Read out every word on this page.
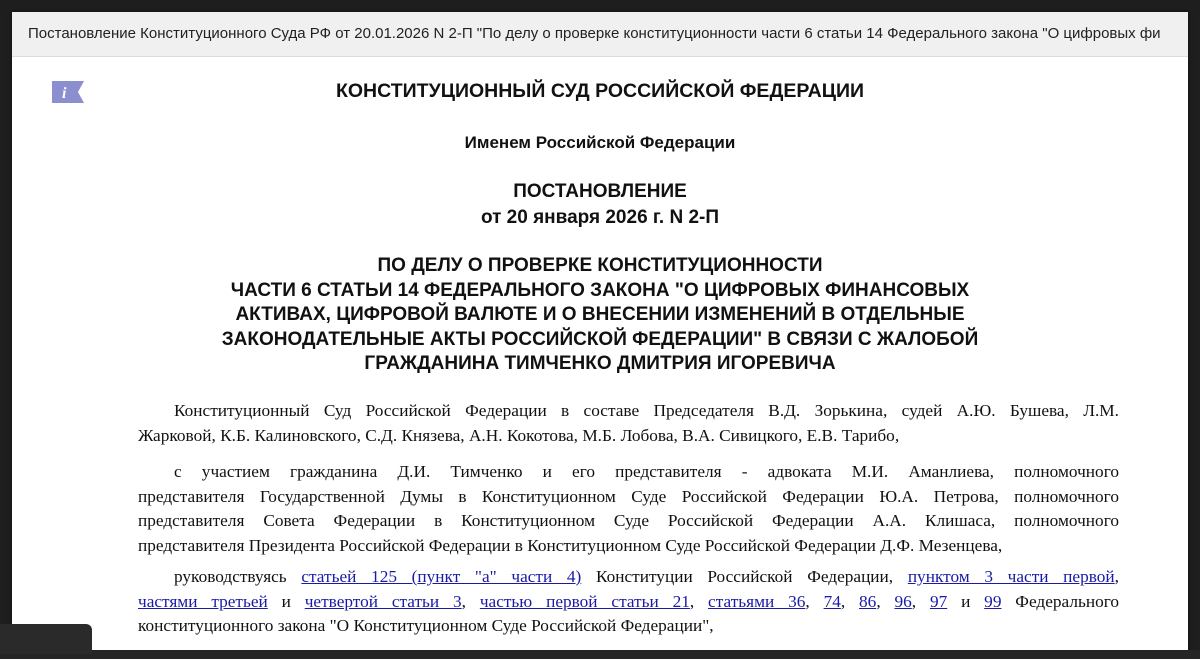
Постановление Конституционного Суда РФ от 20.01.2026 N 2-П "По делу о проверке конституционности части 6 статьи 14 Федерального закона "О цифровых фи
i	КОНСТИТУЦИОННЫЙ СУД РОССИЙСКОЙ ФЕДЕРАЦИИ
Именем Российской Федерации
ПОСТАНОВЛЕНИЕ
от 20 января 2026 г. N 2-П
ПО ДЕЛУ О ПРОВЕРКЕ КОНСТИТУЦИОННОСТИ
ЧАСТИ 6 СТАТЬИ 14 ФЕДЕРАЛЬНОГО ЗАКОНА "О ЦИФРОВЫХ ФИНАНСОВЫХ
АКТИВАХ, ЦИФРОВОЙ ВАЛЮТЕ И О ВНЕСЕНИИ ИЗМЕНЕНИЙ В ОТДЕЛЬНЫЕ
ЗАКОНОДАТЕЛЬНЫЕ АКТЫ РОССИЙСКОЙ ФЕДЕРАЦИИ" В СВЯЗИ С ЖАЛОБОЙ
ГРАЖДАНИНА ТИМЧЕНКО ДМИТРИЯ ИГОРЕВИЧА
Конституционный Суд Российской Федерации в составе Председателя В.Д. Зорькина, судей А.Ю. Бушева, Л.М.
Жарковой, К.Б. Калиновского, С.Д. Князева, А.Н. Кокотова, М.Б. Лобова, В.А. Сивицкого, Е.В. Тарибо,
с участием гражданина Д.И. Тимченко и его представителя - адвоката М.И. Аманлиева, полномочного
представителя Государственной Думы в Конституционном Суде Российской Федерации Ю.А. Петрова, полномочного
представителя Совета Федерации в Конституционном Суде Российской Федерации А.А. Клишаса, полномочного
представителя Президента Российской Федерации в Конституционном Суде Российской Федерации Д.Ф. Мезенцева,
руководствуясь статьей 125 (пункт "а" части 4) Конституции Российской Федерации, пунктом 3 части первой,
частями третьей и четвертой статьи 3, частью первой статьи 21, статьями 36, 74, 86, 96, 97 и 99 Федерального
конституционного закона "О Конституционном Суде Российской Федерации",
